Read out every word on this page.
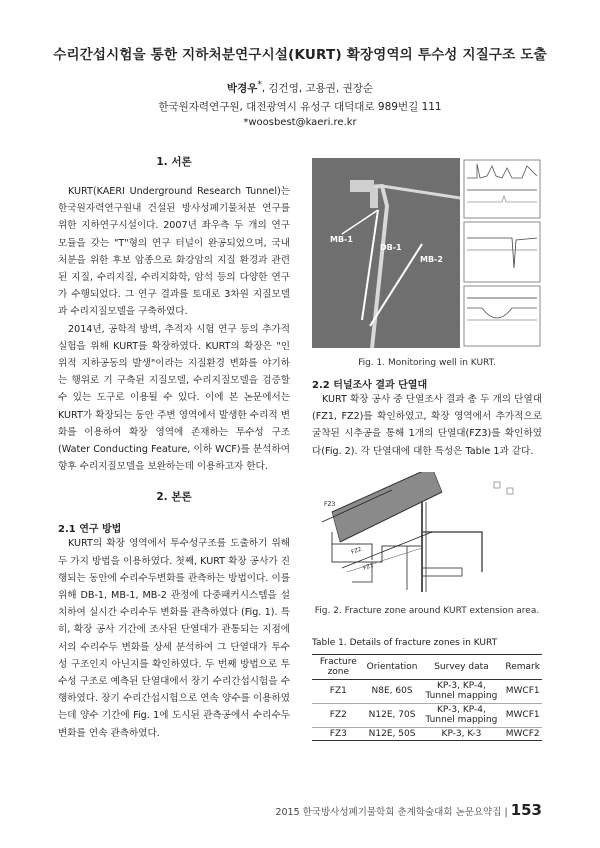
수리간섭시험을 통한 지하처분연구시설(KURT) 확장영역의 투수성 지질구조 도출
박경우*, 김건영, 고용권, 권장순
한국원자력연구원, 대전광역시 유성구 대덕대로 989번길 111
*woosbest@kaeri.re.kr

1. 서론

KURT(KAERI Underground Research Tunnel)는 한국원자력연구원내 건설된 방사성폐기물처분 연구를 위한 지하연구시설이다. 2007년 좌우측 두 개의 연구 모듈을 갖는 "T"형의 연구 터널이 완공되었으며, 국내 처분을 위한 후보 암종으로 화강암의 지질 환경과 관련된 지질, 수리지질, 수리지화학, 암석 등의 다양한 연구가 수행되었다. 그 연구 결과를 토대로 3차원 지질모델과 수리지질모델을 구축하였다.

2014년, 공학적 방벽, 추적자 시험 연구 등의 추가적 실험을 위해 KURT를 확장하였다. KURT의 확장은 "인위적 지하공동의 발생"이라는 지질환경 변화를 야기하는 행위로 기 구축된 지질모델, 수리지질모델을 검증할 수 있는 도구로 이용될 수 있다. 이에 본 논문에서는 KURT가 확장되는 동안 주변 영역에서 발생한 수리적 변화를 이용하여 확장 영역에 존재하는 투수성 구조 (Water Conducting Feature, 이하 WCF)를 분석하여 향후 수리지질모델을 보완하는데 이용하고자 한다.

2. 본론

2.1 연구 방법

KURT의 확장 영역에서 투수성구조를 도출하기 위해 두 가지 방법을 이용하였다. 첫째, KURT 확장 공사가 진행되는 동안에 수리수두변화를 관측하는 방법이다. 이를 위해 DB-1, MB-1, MB-2 관정에 다중패커시스템을 설치하여 실시간 수리수두 변화를 관측하였다 (Fig. 1). 특히, 확장 공사 기간에 조사된 단열대가 관통되는 지점에서의 수리수두 변화를 상세 분석하여 그 단열대가 투수성 구조인지 아닌지를 확인하였다. 두 번째 방법으로 투수성 구조로 예측된 단열대에서 장기 수리간섭시험을 수행하였다. 장기 수리간섭시험으로 연속 양수를 이용하였는데 양수 기간에 Fig. 1에 도시된 관측공에서 수리수두 변화를 연속 관측하였다.

MB-1
DB-1
MB-2
Fig. 1. Monitoring well in KURT.

2.2 터널조사 결과 단열대

KURT 확장 공사 중 단열조사 결과 총 두 개의 단열대(FZ1, FZ2)를 확인하였고, 확장 영역에서 추가적으로 굴착된 시추공을 통해 1개의 단열대(FZ3)를 확인하였다(Fig. 2). 각 단열대에 대한 특성은 Table 1과 같다.

FZ3
FZ2
FZ1
Fig. 2. Fracture zone around KURT extension area.
Table 1. Details of fracture zones in KURT
Fracture zone	Orientation	Survey data	Remark
FZ1	N8E, 60S	KP-3, KP-4, Tunnel mapping	MWCF1
FZ2	N12E, 70S	KP-3, KP-4, Tunnel mapping	MWCF1
FZ3	N12E, 50S	KP-3, K-3	MWCF2
2015 한국방사성폐기물학회 춘계학술대회 논문요약집 | 153
